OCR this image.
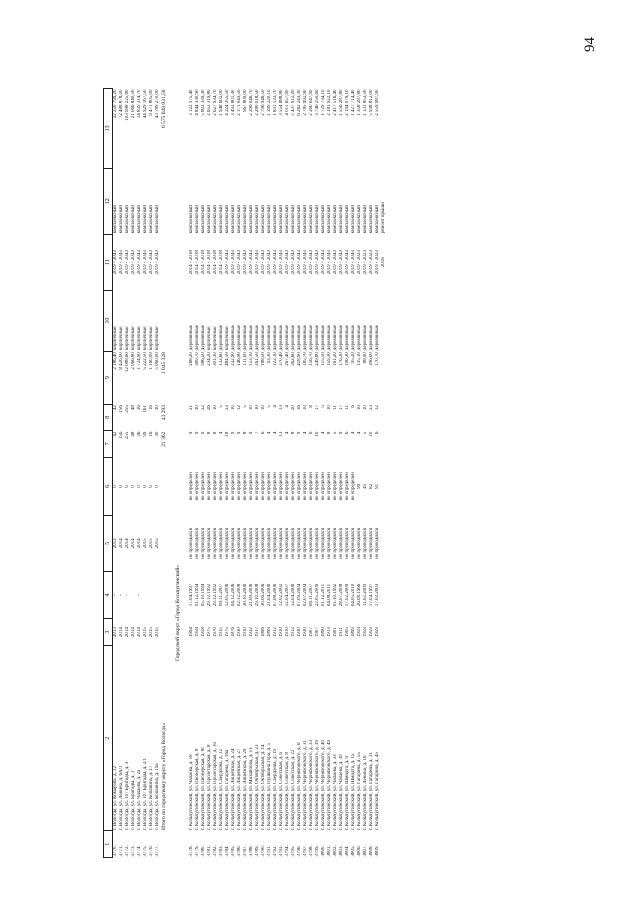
94
1	2	3	4	5	6	7	8	9	10	11	12	13
3770.	г. Вологда, ул. Комарова, д. 12	2013	-	2013	0	42	42	2 186,40	кирпичные	2019 - 2043	комплексный	22 250 799,20
3771.	г. Вологда, ул. Ленина, д. 6А/1	2014	-	2014	0	156	156	8 426,00	кирпичные	2019 - 2043	комплексный	72 488 878,00
3772.	г. Вологда, ул. 107 Бригады, д. 3	2014	-	2014	0	255	255	12 088,60	кирпичные	2019 - 2043	комплексный	103 998 225,80
3773.	г. Вологда, ул. Бригады, д. 1	2014		2014	0	48	48	2 066,80	кирпичные	2019 - 2043	комплексный	21 066 840,50
3774.	г. Вологда, ул. Чапаева, д. 2а	2014	-	2014	0	36	36	1 724,90	кирпичные	2019 - 2043	комплексный	14 839 314,70
3775.	г. Вологда, ул. 107 Бригады, д. 2/1	2015		2015	0	99	161	5 222,50	кирпичные	2019 - 2043	комплексный	44 929 167,50
3776.	г. Вологда, ул. Копанина, д. 17	2015		2015	0	16	16	1 160,00	кирпичные	2019 - 2043	комплексный	9 471 805,00
3777.	г. Вологда, ул. Копанина, д. 19а	2015		2015	0	30	30	5 060,00	кирпичные	2019 - 2043	комплексный	43 789 270,00
	Итого по городскому округу «Город Вологда»					21 362	43 293	1 045 328				6 575 648 031,50
	Городской округ «Город Кольчугинский»											
3778.	г. Кольчугинский, ул. Чапаева, д. 18	1994	17.04.1997	не проводился	не определен	9	21	268,20	деревянные	2014 - 2018	комплексный	3 122 375,40
3779.	г. Кольчугинский, ул. Пионерская, д. 8	1958	01.12.1994	не проводился	не определен	9	30	389,70	деревянные	2014 - 2018	комплексный	4 844 330,90
3780.	г. Кольчугинский, ул. Пионерская, д. 8г	1958	05.10.1994	не проводился	не определен	9	22	386,50	деревянные	2014 - 2018	комплексный	5 802 339,30
3781.	г. Кольчугинский, ул. Пролетарская, д. 8	1975	29.12.1992	не проводился	не определен	8	26	234,20	кирпичные	2014 - 2018	комплексный	2 652 319,80
3782.	г. Кольчугинский, ул. Пролетарская, д. 10	1970	29.12.1992	не проводился	не определен	8	10	301,30	кирпичные	2014 - 2018	комплексный	2 627 934,70
3783.	г. Кольчугинский, ул. Свердлова, д. 12	1915	08.11.2007	не проводился	не определен	4	5	132,60	деревянные	2014 - 2018	комплексный	1 948 602,00
3784.	г. Кольчугинский, ул. Гагарина, д. 16а	1975	12.05.2006	не проводился	не определен	18	23	484,50	кирпичные	2019 - 2043	комплексный	4 224 355,50
3785.	г. Кольчугинский, ул. Лицейская, д. 24	1876	04.12.2006	не проводился	не определен	9	10	232,90	деревянные	2019 - 2043	комплексный	3 492 801,30
3786.	г. Кольчугинский, ул. Лицейская, д. 27	1910	02.12.2008	не проводился	не определен	9	12	146,90	деревянные	2019 - 2043	комплексный	2 171 043,50
3787.	г. Кольчугинский, ул. Лицейская, д. 29	1910	30.10.2006	не проводился	не определен	8	5	111,00	деревянные	2019 - 2043	комплексный	967 809,00
3788.	г. Кольчугинский, ул. Михайлова, д. 51	1932	21.09.2006	не проводился	не определен	9	10	153,10	деревянные	2019 - 2043	комплексный	2 296 046,70
3789.	г. Кольчугинский, ул. Октябрьская, д. 23	1917	29.10.2008	не проводился	не определен	7	10	261,50	деревянные	2019 - 2043	комплексный	2 280 018,50
3790.	г. Кольчугинский, ул. Октябрьская, д. 14	1896	30.06.2006	не проводился	не определен	6	10	188,50	деревянные	2019 - 2043	комплексный	2 796 946,50
3791.	г. Кольчугинский, ул. Пушкина Гора, д. 5	1899	21.04.2006	не проводился	не определен	4	5	93,30	деревянные	2019 - 2043	комплексный	1 399 220,10
3792.	г. Кольчугинский, ул. Свердлова, д. 19	1912	07.08.2006	не проводился	не определен	4	4	122,10	деревянные	2019 - 2043	комплексный	1 831 133,70
3793.	г. Кольчугинский, ул. Советская, д. 6	1910	12.02.2002	не проводился	не определен	13	13	370,40	деревянные	2019 - 2043	комплексный	3 554 888,80
3794.	г. Кольчугинский, ул. Советская, д. 8	1910	12.04.2007	не проводился	не определен	4	4	267,40	деревянные	2019 - 2043	комплексный	4 011 657,90
3795.	г. Кольчугинский, ул. Советская, д. 22	1912	12.04.2006	не проводился	не определен	8	20	362,60	деревянные	2019 - 2043	комплексный	5 437 912,20
3796.	г. Кольчугинский, ул. Черняховского, д. 6	1930	07.09.2004	не проводился	не определен	9	16	418,90	деревянные	2019 - 2043	комплексный	6 282 243,30
3797.	г. Кольчугинский, ул. Черняховского, д. 31	1930	02.07.2004	не проводился	не определен	4	10	185,70	деревянные	2019 - 2043	комплексный	2 785 992,90
3798.	г. Кольчугинский, ул. Черняховского, д. 33	1907	08.11.2007	не проводился	не определен	6	8	156,70	деревянные	2019 - 2043	комплексный	2 260 047,90
3799.	г. Кольчугинский, ул. Черняховского, д. 39	1907	22.05.2009	не проводился	не определен	10	17	249,80	деревянные	2019 - 2043	комплексный	3 746 250,60
3800.	г. Кольчугинский, ул. Черняховского, д. 40	1890	01.12.2011	не проводился	не определен	4	5	115,50	деревянные	2019 - 2043	комплексный	1 729 734,10
3801.	г. Кольчугинский, ул. Черняховского, д. 49	1913	04.08.2011	не проводился	не определен	8	10	159,30	деревянные	2019 - 2043	комплексный	2 183 922,10
3802.	г. Кольчугинский, ул. Чапаева, д. 33	1901	01.10.1992	не проводился	не определен	5	11	161,20	деревянные	2019 - 2043	комплексный	2 417 516,40
3803.	г. Кольчугинский, ул. Чапаева, д. 39	1911	28.07.2008	не проводился	не определен	9	17	176,20	деревянные	2019 - 2043	комплексный	1 556 287,80
3804.	г. Кольчугинский, ул. Шмидта, д. 9	1905	17.02.2009	не проводился	не определен	6	11	196,30	деревянные	2019 - 2043	комплексный	2 194 079,10
3805.	г. Кольчугинский, ул. Шмидта, д. 15	1899	04.05.2010	не проводился	не определен	4	6	95,20	деревянные	2019 - 2043	комплексный	1 427 714,40
3806.	г. Кольчугинский, ул. Гагарина, д. 55	1959	26.08.1966	не проводился	99	4	10	135,10	деревянные	2019 - 2023	комплексный	1 358 287,80
3807.	г. Кольчугинский, ул. Ленина, д. 16	1959	11.02.2009	не проводился	45	5	10	88,90	деревянные	2019 - 2023	комплексный	1 131 853,50
3808.	г. Кольчугинский, ул. Гагарина, д. 31	1959	17.04.1997	не проводился	82	10	23	396,00	деревянные	2019 - 2023	комплексный	5 938 812,00
3809.	г. Кольчугинский, ул. Гагарина, д. 45	1959	17.02.2003	не проводился	91	6	12	170,70	деревянные	2019 - 2023	комплексный	2 559 987,90
										2016	ремонт крыши	
